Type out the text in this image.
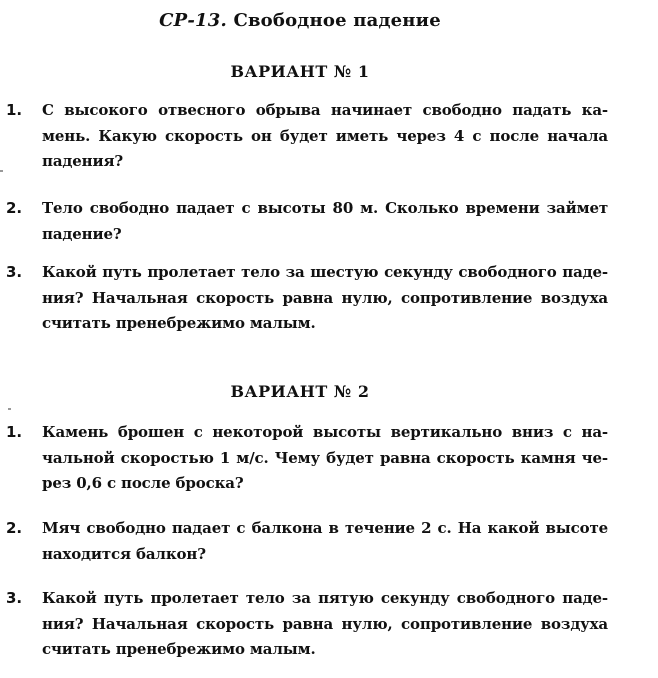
СР-13. Свободное падение
ВАРИАНТ № 1
1. С высокого отвесного обрыва начинает свободно падать ка-
мень. Какую скорость он будет иметь через 4 с после начала
падения?
2. Тело свободно падает с высоты 80 м. Сколько времени займет
падение?
3. Какой путь пролетает тело за шестую секунду свободного паде-
ния? Начальная скорость равна нулю, сопротивление воздуха
считать пренебрежимо малым.
ВАРИАНТ № 2
1. Камень брошен с некоторой высоты вертикально вниз с на-
чальной скоростью 1 м/с. Чему будет равна скорость камня че-
рез 0,6 с после броска?
2. Мяч свободно падает с балкона в течение 2 с. На какой высоте
находится балкон?
3. Какой путь пролетает тело за пятую секунду свободного паде-
ния? Начальная скорость равна нулю, сопротивление воздуха
считать пренебрежимо малым.
